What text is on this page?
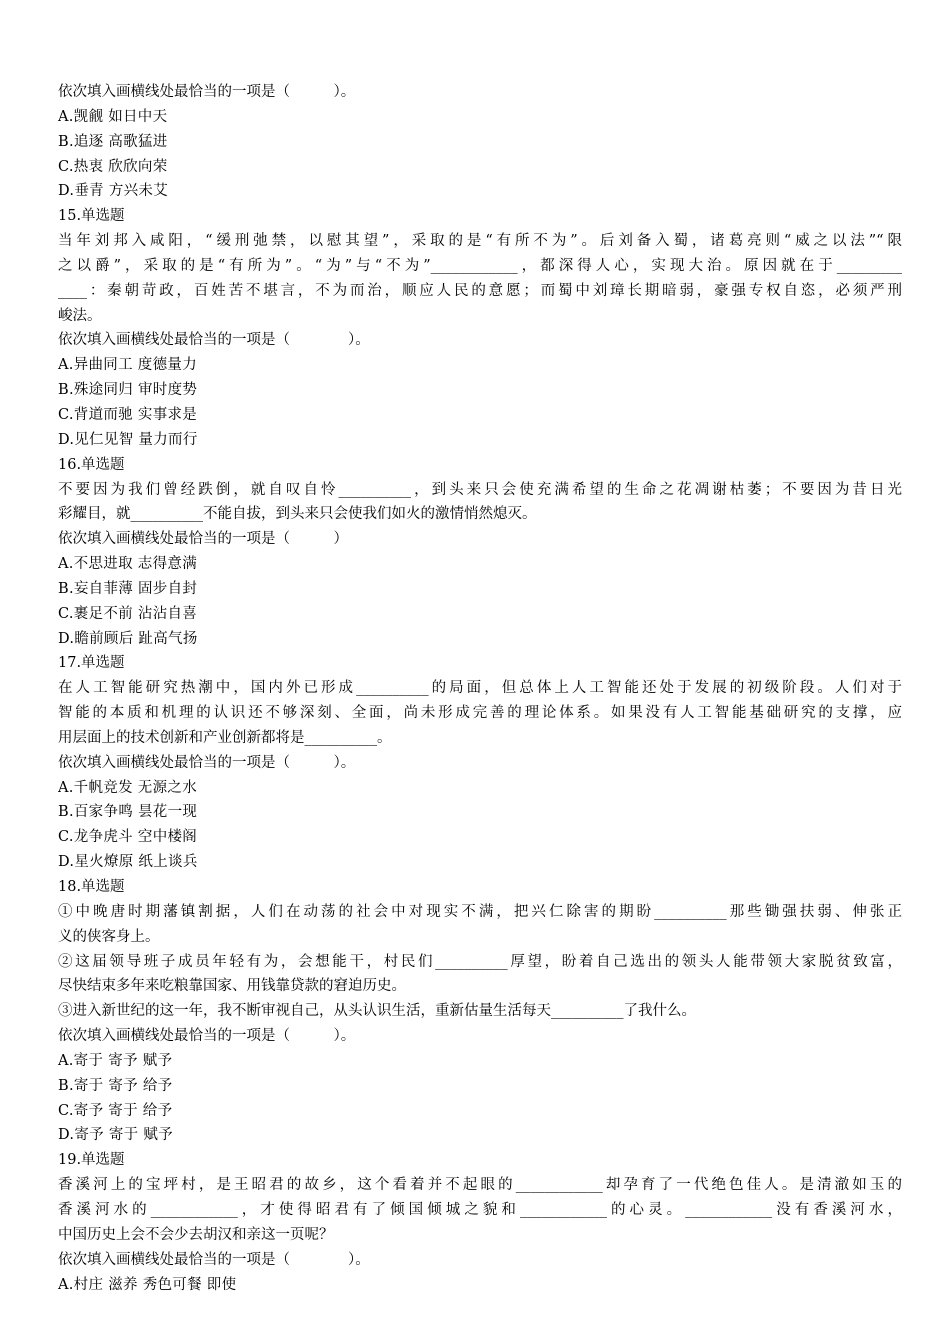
依次填入画横线处最恰当的一项是（　　　）。
A.觊觎 如日中天
B.追逐 高歌猛进
C.热衷 欣欣向荣
D.垂青 方兴未艾
15.单选题
当年刘邦入咸阳，“缓刑弛禁，以慰其望”，采取的是“有所不为”。后刘备入蜀，诸葛亮则“威之以法”“限
之以爵”，采取的是“有所为”。“为”与“不为”____________，都深得人心，实现大治。原因就在于_________
____：秦朝苛政，百姓苦不堪言，不为而治，顺应人民的意愿；而蜀中刘璋长期暗弱，豪强专权自恣，必须严刑
峻法。
依次填入画横线处最恰当的一项是（　　　　）。
A.异曲同工 度德量力
B.殊途同归 审时度势
C.背道而驰 实事求是
D.见仁见智 量力而行
16.单选题
不要因为我们曾经跌倒，就自叹自怜__________，到头来只会使充满希望的生命之花凋谢枯萎；不要因为昔日光
彩耀目，就__________不能自拔，到头来只会使我们如火的激情悄然熄灭。
依次填入画横线处最恰当的一项是（　　　）
A.不思进取 志得意满
B.妄自菲薄 固步自封
C.裹足不前 沾沾自喜
D.瞻前顾后 趾高气扬
17.单选题
在人工智能研究热潮中，国内外已形成__________的局面，但总体上人工智能还处于发展的初级阶段。人们对于
智能的本质和机理的认识还不够深刻、全面，尚未形成完善的理论体系。如果没有人工智能基础研究的支撑，应
用层面上的技术创新和产业创新都将是__________。
依次填入画横线处最恰当的一项是（　　　）。
A.千帆竞发 无源之水
B.百家争鸣 昙花一现
C.龙争虎斗 空中楼阁
D.星火燎原 纸上谈兵
18.单选题
①中晚唐时期藩镇割据，人们在动荡的社会中对现实不满，把兴仁除害的期盼__________那些锄强扶弱、伸张正
义的侠客身上。
②这届领导班子成员年轻有为，会想能干，村民们__________厚望，盼着自己选出的领头人能带领大家脱贫致富，
尽快结束多年来吃粮靠国家、用钱靠贷款的窘迫历史。
③进入新世纪的这一年，我不断审视自己，从头认识生活，重新估量生活每天__________了我什么。
依次填入画横线处最恰当的一项是（　　　）。
A.寄于 寄予 赋予
B.寄于 寄予 给予
C.寄予 寄于 给予
D.寄予 寄于 赋予
19.单选题
香溪河上的宝坪村，是王昭君的故乡，这个看着并不起眼的____________却孕育了一代绝色佳人。是清澈如玉的
香溪河水的____________，才使得昭君有了倾国倾城之貌和____________的心灵。____________没有香溪河水，
中国历史上会不会少去胡汉和亲这一页呢？
依次填入画横线处最恰当的一项是（　　　　）。
A.村庄 滋养 秀色可餐 即使
